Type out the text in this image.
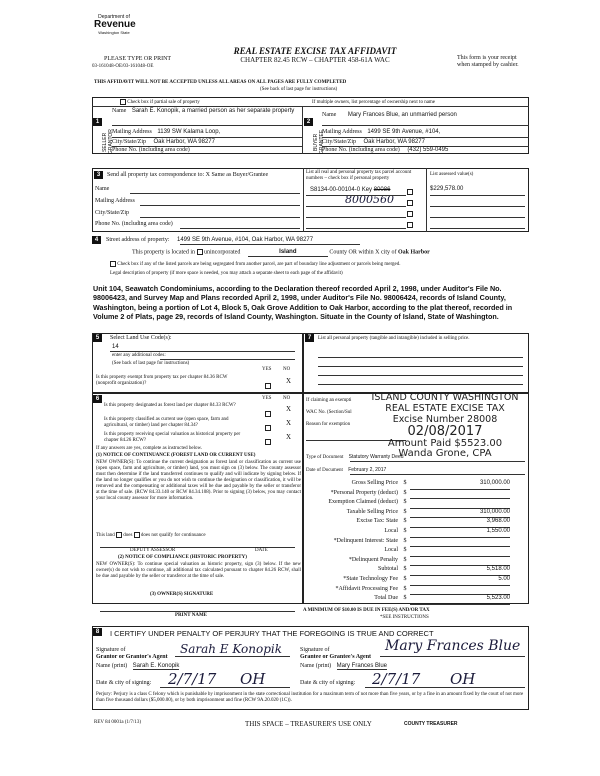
Department of
Revenue
Washington State
REAL ESTATE EXCISE TAX AFFIDAVIT
CHAPTER 82.45 RCW – CHAPTER 458-61A WAC
PLEASE TYPE OR PRINT
03-161048-OE/03-161048-OE
This form is your receipt when stamped by cashier.
THIS AFFIDAVIT WILL NOT BE ACCEPTED UNLESS ALL AREAS ON ALL PAGES ARE FULLY COMPLETED
(See back of last page for instructions)
Check box if partial sale of property	If multiple owners, list percentage of ownership next to name
1
SELLER GRANTOR
Name Sarah E. Konopik, a married person as her separate property
Mailing Address 1139 SW Kalama Loop,
City/State/Zip Oak Harbor, WA 98277
Phone No. (including area code)
2
BUYER GRANTEE
Name Mary Frances Blue, an unmarried person
Mailing Address 1499 SE 9th Avenue, #104,
City/State/Zip Oak Harbor, WA 98277
Phone No. (including area code) (432) 559-0495
3	Send all property tax correspondence to: X Same as Buyer/Grantee
Name
Mailing Address
City/State/Zip
Phone No. (including area code)
List all real and personal property tax parcel account numbers – check box if personal property
List assessed value(s)
S8134-00-00104-0 Key 80086
8000560
$229,578.00
4	Street address of property: 1499 SE 9th Avenue, #104, Oak Harbor, WA 98277
This property is located in unincorporated	Island	County OR within X city of Oak Harbor
Check box if any of the listed parcels are being segregated from another parcel, are part of boundary line adjustment or parcels being merged.
Legal description of property (if more space is needed, you may attach a separate sheet to each page of the affidavit)
Unit 104, Seawatch Condominiums, according to the Declaration thereof recorded April 2, 1998, under Auditor's File No. 98006423, and Survey Map and Plans recorded April 2, 1998, under Auditor's File No. 98006424, records of Island County, Washington, being a portion of Lot 4, Block 5, Oak Grove Addition to Oak Harbor, according to the plat thereof, recorded in Volume 2 of Plats, page 29, records of Island County, Washington. Situate in the County of Island, State of Washington.
5	Select Land Use Code(s):
14
enter any additional codes:
(See back of last page for instructions)
YES NO
Is this property exempt from property tax per chapter 84.36 RCW (nonprofit organization)?	X
6	YES NO
Is this property designated as forest land per chapter 84.33 RCW?	X
Is this property classified as current use (open space, farm and agricultural, or timber) land per chapter 84.34?	X
Is this property receiving special valuation as historical property per chapter 84.26 RCW?	X
If any answers are yes, complete as instructed below.
(1) NOTICE OF CONTINUANCE (FOREST LAND OR CURRENT USE)
NEW OWNER(S): To continue the current designation as forest land or classification as current use (open space, farm and agriculture, or timber) land, you must sign on (3) below. The county assessor must then determine if the land transferred continues to qualify and will indicate by signing below. If the land no longer qualifies or you do not wish to continue the designation or classification, it will be removed and the compensating or additional taxes will be due and payable by the seller or transferor at the time of sale. (RCW 84.33.140 or RCW 84.34.108). Prior to signing (3) below, you may contact your local county assessor for more information.
This land does does not qualify for continuance
DEPUTY ASSESSOR	DATE
(2) NOTICE OF COMPLIANCE (HISTORIC PROPERTY)
NEW OWNER(S): To continue special valuation as historic property, sign (3) below. If the new owner(s) do not wish to continue, all additional tax calculated pursuant to chapter 84.26 RCW, shall be due and payable by the seller or transferor at the time of sale.
(3) OWNER(S) SIGNATURE
PRINT NAME
7	List all personal property (tangible and intangible) included in selling price.
If claiming an exempti
WAC No. (Section/Sul
Reason for exemption
ISLAND COUNTY WASHINGTON
REAL ESTATE EXCISE TAX
Excise Number 28008
02/08/2017
Amount Paid $5523.00
Wanda Grone, CPA
Type of Document Statutory Warranty Deed
Date of Document February 2, 2017
Gross Selling Price $	310,000.00
*Personal Property (deduct) $
Exemption Claimed (deduct) $
Taxable Selling Price $	310,000.00
Excise Tax: State $	3,968.00
Local $	1,550.00
*Delinquent Interest: State $
Local $
*Delinquent Penalty $
Subtotal $	5,518.00
*State Technology Fee $	5.00
*Affidavit Processing Fee $
Total Due $	5,523.00
A MINIMUM OF $10.00 IS DUE IN FEE(S) AND/OR TAX
*SEE INSTRUCTIONS
8	I CERTIFY UNDER PENALTY OF PERJURY THAT THE FOREGOING IS TRUE AND CORRECT
Signature of
Grantor or Grantor's Agent
Sarah E Konopik
Name (print) Sarah E. Konopik
Date & city of signing: 2/7/17 OH
Signature of
Grantee or Grantee's Agent
Mary Frances Blue
Name (print) Mary Frances Blue
Date & city of signing: 2/7/17 OH
Perjury: Perjury is a class C felony which is punishable by imprisonment in the state correctional institution for a maximum term of not more than five years, or by a fine in an amount fixed by the court of not more than five thousand dollars ($5,000.00), or by both imprisonment and fine (RCW 9A.20.020 (1C)).
REV 84 0001a (1/7/13)	THIS SPACE – TREASURER'S USE ONLY	COUNTY TREASURER
